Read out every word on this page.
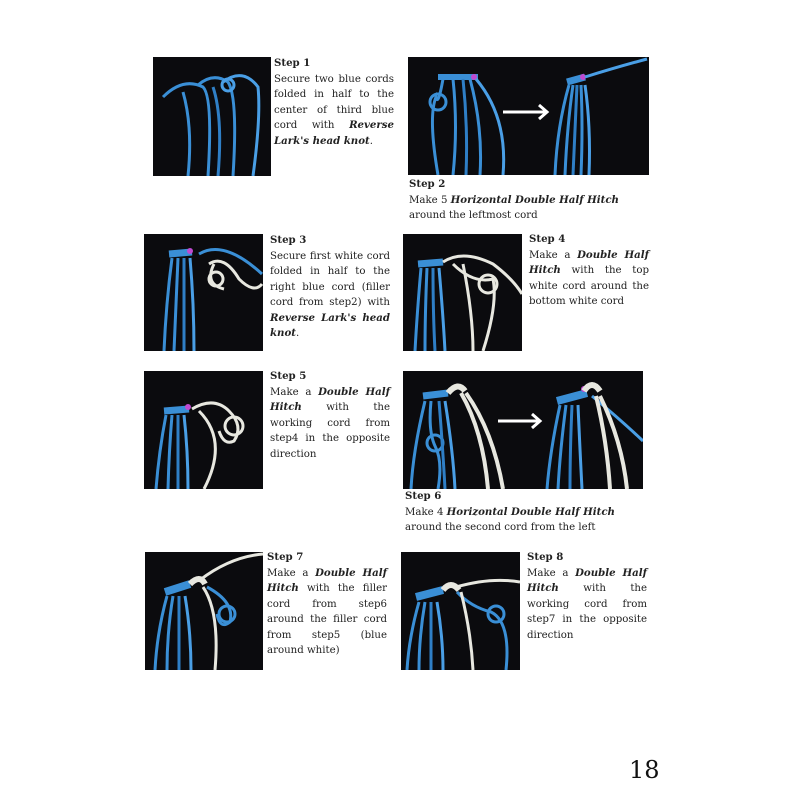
Step 1
Secure two blue cords folded in half to the center of third blue cord with Reverse Lark's head knot.
Step 2
Make 5 Horizontal Double Half Hitch around the leftmost cord
Step 3
Secure first white cord folded in half to the right blue cord (filler cord from step2) with Reverse Lark's head knot.
Step 4
Make a Double Half Hitch with the top white cord around the bottom white cord
Step 5
Make a Double Half Hitch with the working cord from step4 in the opposite direction
Step 6
Make 4 Horizontal Double Half Hitch around the second cord from the left
Step 7
Make a Double Half Hitch with the filler cord from step6 around the filler cord from step5 (blue around white)
Step 8
Make a Double Half Hitch with the working cord from step7 in the opposite direction
18
